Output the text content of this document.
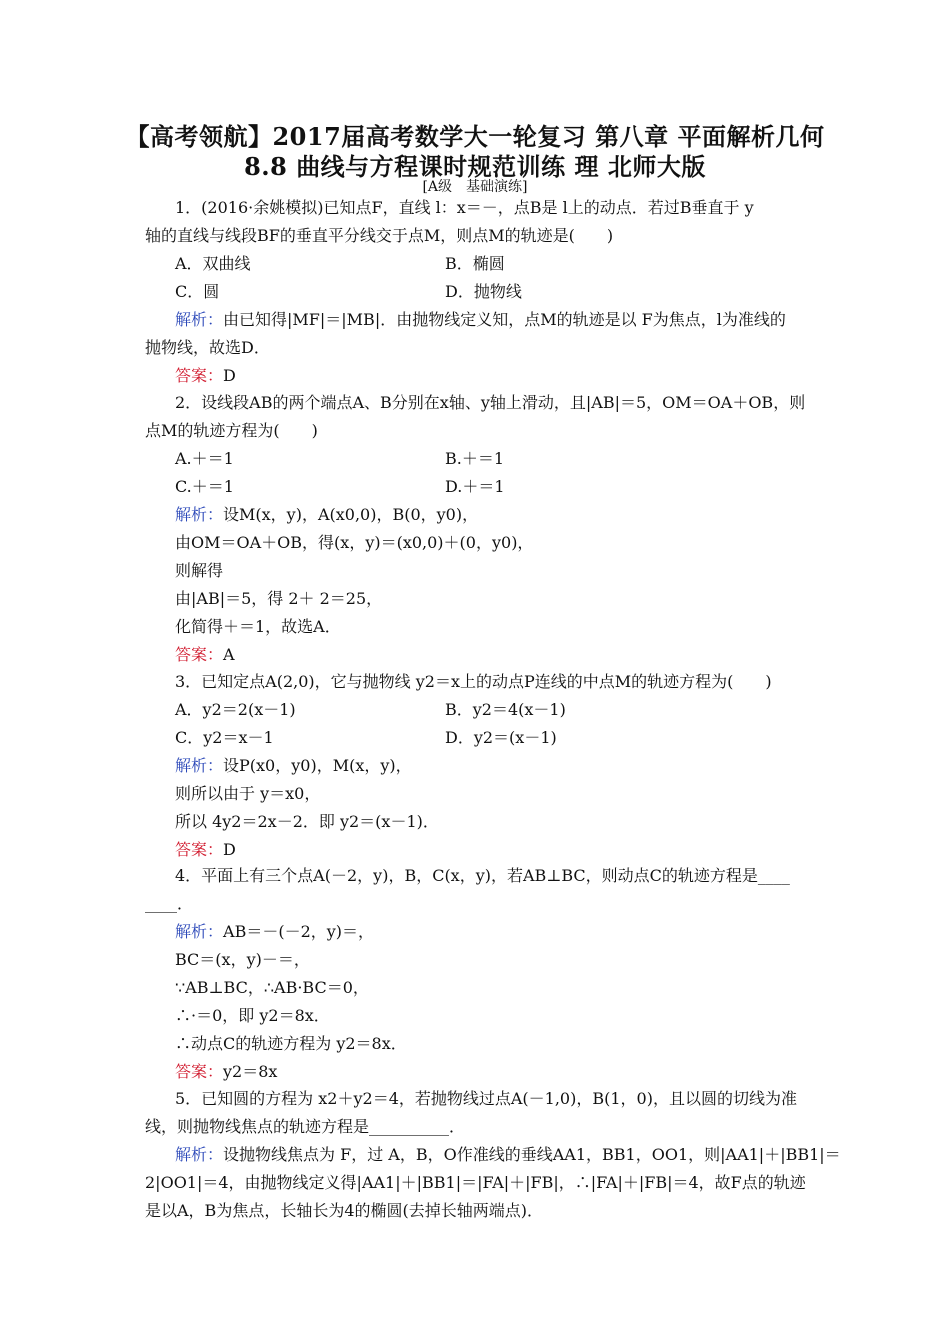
【高考领航】2017届高考数学大一轮复习 第八章 平面解析几何
8.8 曲线与方程课时规范训练 理 北师大版
[A级　基础演练]
1．(2016·余姚模拟)已知点F，直线 l：x＝－，点B是 l上的动点．若过B垂直于 y
轴的直线与线段BF的垂直平分线交于点M，则点M的轨迹是(　　)
A．双曲线	B．椭圆
C．圆	D．抛物线
解析：由已知得|MF|＝|MB|．由抛物线定义知，点M的轨迹是以 F为焦点，l为准线的
抛物线，故选D．
答案：D
2．设线段AB的两个端点A、B分别在x轴、y轴上滑动，且|AB|＝5，OM＝OA＋OB，则
点M的轨迹方程为(　　)
A.＋＝1	B.＋＝1
C.＋＝1	D.＋＝1
解析：设M(x，y)，A(x0,0)，B(0，y0)，
由OM＝OA＋OB，得(x，y)＝(x0,0)＋(0，y0)，
则解得
由|AB|＝5，得 2＋ 2＝25，
化简得＋＝1，故选A．
答案：A
3．已知定点A(2,0)，它与抛物线 y2＝x上的动点P连线的中点M的轨迹方程为(　　)
A．y2＝2(x－1)	B．y2＝4(x－1)
C．y2＝x－1	D．y2＝(x－1)
解析：设P(x0，y0)，M(x，y)，
则所以由于 y＝x0，
所以 4y2＝2x－2．即 y2＝(x－1)．
答案：D
4．平面上有三个点A(－2，y)，B，C(x，y)，若AB⊥BC，则动点C的轨迹方程是____
____．
解析：AB＝－(－2，y)＝，
BC＝(x，y)－＝，
∵AB⊥BC，∴AB·BC＝0，
∴·＝0，即 y2＝8x．
∴动点C的轨迹方程为 y2＝8x．
答案：y2＝8x
5．已知圆的方程为 x2＋y2＝4，若抛物线过点A(－1,0)，B(1，0)，且以圆的切线为准
线，则抛物线焦点的轨迹方程是__________．
解析：设抛物线焦点为 F，过 A，B，O作准线的垂线AA1，BB1，OO1，则|AA1|＋|BB1|＝
2|OO1|＝4，由抛物线定义得|AA1|＋|BB1|＝|FA|＋|FB|，∴|FA|＋|FB|＝4，故F点的轨迹
是以A，B为焦点，长轴长为4的椭圆(去掉长轴两端点)．
